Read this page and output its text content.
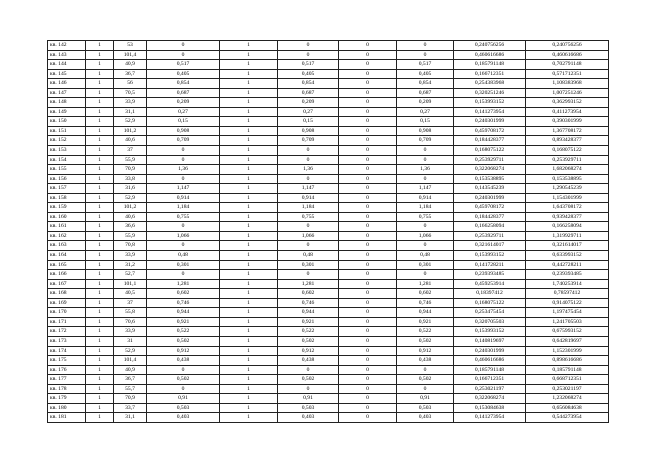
кв. 142	1	53	0	1	0	0	0	0,240756256	0,240756256
кв. 143	1	101,4	0	1	0	0	0	0,460616686	0,460616686
кв. 144	1	40,9	0,517	1	0,517	0	0,517	0,185791148	0,702791148
кв. 145	1	36,7	0,405	1	0,405	0	0,405	0,166712351	0,571712351
кв. 146	1	56	0,854	1	0,854	0	0,854	0,254383968	1,108383968
кв. 147	1	70,5	0,687	1	0,687	0	0,687	0,320251246	1,007251246
кв. 148	1	33,9	0,209	1	0,209	0	0,209	0,153993152	0,362993152
кв. 149	1	31,1	0,27	1	0,27	0	0,27	0,141273954	0,411273954
кв. 150	1	52,9	0,15	1	0,15	0	0,15	0,240301999	0,390301999
кв. 151	1	101,2	0,908	1	0,908	0	0,908	0,459708172	1,367708172
кв. 152	1	40,6	0,709	1	0,709	0	0,709	0,184428377	0,893428377
кв. 153	1	37	0	1	0	0	0	0,168075122	0,168075122
кв. 154	1	55,9	0	1	0	0	0	0,253929711	0,253929711
кв. 155	1	70,9	1,36	1	1,36	0	1,36	0,322068274	1,682068274
кв. 156	1	33,8	0	1	0	0	0	0,153538895	0,153538895
кв. 157	1	31,6	1,147	1	1,147	0	1,147	0,143545239	1,290545239
кв. 158	1	52,9	0,914	1	0,914	0	0,914	0,240301999	1,154301999
кв. 159	1	101,2	1,184	1	1,184	0	1,184	0,459708172	1,643708172
кв. 160	1	40,6	0,755	1	0,755	0	0,755	0,184428377	0,939428377
кв. 161	1	36,6	0	1	0	0	0	0,166258094	0,166258094
кв. 162	1	55,9	1,066	1	1,066	0	1,066	0,253929711	1,319929711
кв. 163	1	70,8	0	1	0	0	0	0,321614017	0,321614017
кв. 164	1	33,9	0,48	1	0,48	0	0,48	0,153993152	0,633993152
кв. 165	1	31,2	0,301	1	0,301	0	0,301	0,141728211	0,442728211
кв. 166	1	52,7	0	1	0	0	0	0,239393485	0,239393485
кв. 167	1	101,1	1,281	1	1,281	0	1,281	0,459253914	1,740253914
кв. 168	1	40,5	0,602	1	0,602	0	0,602	0,18397412	0,78597412
кв. 169	1	37	0,746	1	0,746	0	0,746	0,168075122	0,914075122
кв. 170	1	55,8	0,944	1	0,944	0	0,944	0,253475454	1,197475454
кв. 171	1	70,6	0,921	1	0,921	0	0,921	0,320705503	1,241705503
кв. 172	1	33,9	0,522	1	0,522	0	0,522	0,153993152	0,675993152
кв. 173	1	31	0,502	1	0,502	0	0,502	0,140819697	0,642819697
кв. 174	1	52,9	0,912	1	0,912	0	0,912	0,240301999	1,152301999
кв. 175	1	101,4	0,438	1	0,438	0	0,438	0,460616686	0,898616686
кв. 176	1	40,9	0	1	0	0	0	0,185791148	0,185791148
кв. 177	1	36,7	0,502	1	0,502	0	0,502	0,166712351	0,668712351
кв. 178	1	55,7	0	1	0	0	0	0,253021197	0,253021197
кв. 179	1	70,9	0,91	1	0,91	0	0,91	0,322068274	1,232068274
кв. 180	1	33,7	0,503	1	0,503	0	0,503	0,153084638	0,656084638
кв. 181	1	31,1	0,403	1	0,403	0	0,403	0,141273954	0,544273954
